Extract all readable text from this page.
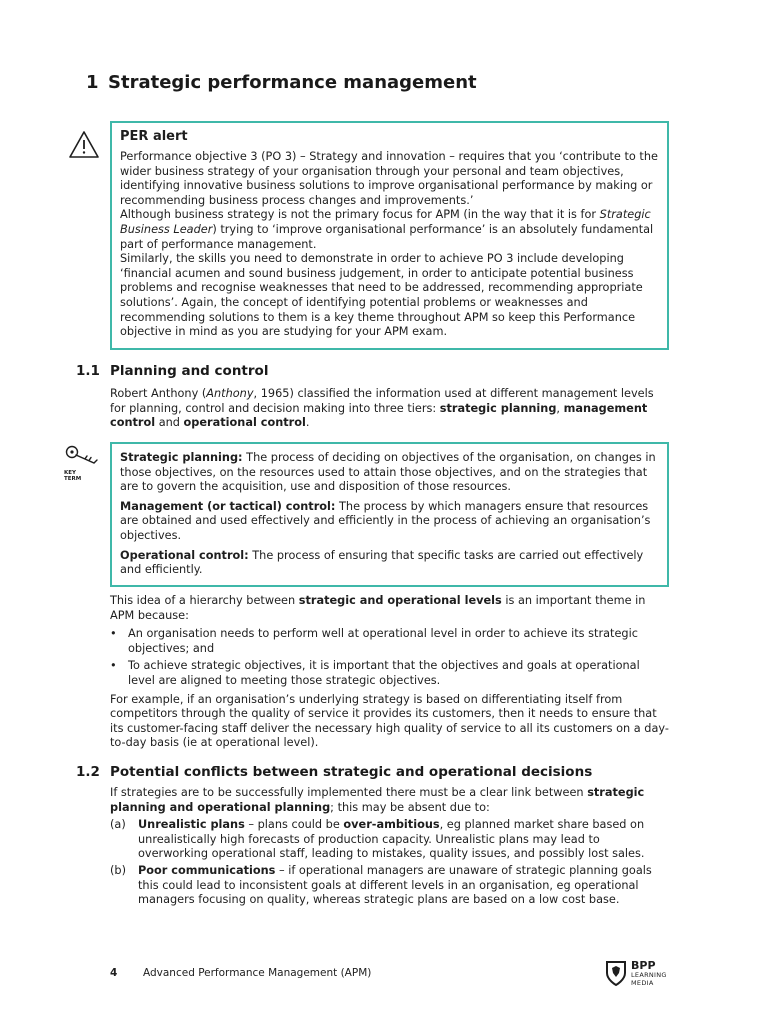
1 Strategic performance management
PER alert

Performance objective 3 (PO 3) – Strategy and innovation – requires that you ‘contribute to the wider business strategy of your organisation through your personal and team objectives, identifying innovative business solutions to improve organisational performance by making or recommending business process changes and improvements.’

Although business strategy is not the primary focus for APM (in the way that it is for Strategic Business Leader) trying to ‘improve organisational performance’ is an absolutely fundamental part of performance management.

Similarly, the skills you need to demonstrate in order to achieve PO 3 include developing ‘financial acumen and sound business judgement, in order to anticipate potential business problems and recognise weaknesses that need to be addressed, recommending appropriate solutions’. Again, the concept of identifying potential problems or weaknesses and recommending solutions to them is a key theme throughout APM so keep this Performance objective in mind as you are studying for your APM exam.

1.1 Planning and control

Robert Anthony (Anthony, 1965) classified the information used at different management levels for planning, control and decision making into three tiers: strategic planning, management control and operational control.

KEY
TERM

Strategic planning: The process of deciding on objectives of the organisation, on changes in those objectives, on the resources used to attain those objectives, and on the strategies that are to govern the acquisition, use and disposition of those resources.

Management (or tactical) control: The process by which managers ensure that resources are obtained and used effectively and efficiently in the process of achieving an organisation’s objectives.

Operational control: The process of ensuring that specific tasks are carried out effectively and efficiently.

This idea of a hierarchy between strategic and operational levels is an important theme in APM because:

• An organisation needs to perform well at operational level in order to achieve its strategic objectives; and
• To achieve strategic objectives, it is important that the objectives and goals at operational level are aligned to meeting those strategic objectives.

For example, if an organisation’s underlying strategy is based on differentiating itself from competitors through the quality of service it provides its customers, then it needs to ensure that its customer-facing staff deliver the necessary high quality of service to all its customers on a day-to-day basis (ie at operational level).

1.2 Potential conflicts between strategic and operational decisions

If strategies are to be successfully implemented there must be a clear link between strategic planning and operational planning; this may be absent due to:

(a) Unrealistic plans – plans could be over-ambitious, eg planned market share based on unrealistically high forecasts of production capacity. Unrealistic plans may lead to overworking operational staff, leading to mistakes, quality issues, and possibly lost sales.
(b) Poor communications – if operational managers are unaware of strategic planning goals this could lead to inconsistent goals at different levels in an organisation, eg operational managers focusing on quality, whereas strategic plans are based on a low cost base.
4 Advanced Performance Management (APM)
BPP
LEARNING
MEDIA
